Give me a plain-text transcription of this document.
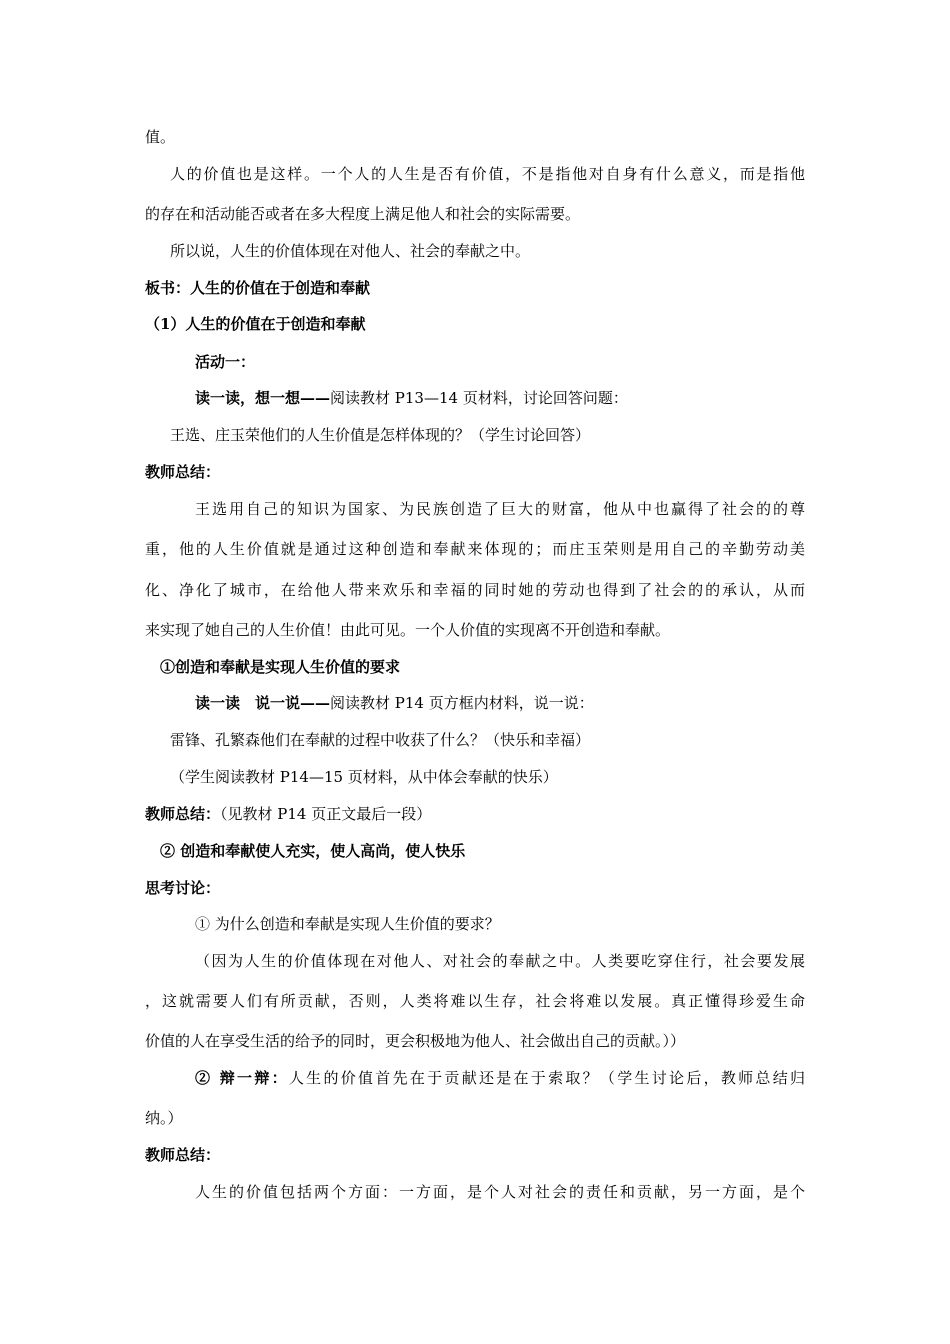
值。
人的价值也是这样。一个人的人生是否有价值，不是指他对自身有什么意义，而是指他
的存在和活动能否或者在多大程度上满足他人和社会的实际需要。
所以说，人生的价值体现在对他人、社会的奉献之中。
板书：人生的价值在于创造和奉献
（1）人生的价值在于创造和奉献
活动一：
读一读，想一想——阅读教材 P13—14 页材料，讨论回答问题：
王选、庄玉荣他们的人生价值是怎样体现的？（学生讨论回答）
教师总结：
王选用自己的知识为国家、为民族创造了巨大的财富，他从中也赢得了社会的的尊
重，他的人生价值就是通过这种创造和奉献来体现的；而庄玉荣则是用自己的辛勤劳动美
化、净化了城市，在给他人带来欢乐和幸福的同时她的劳动也得到了社会的的承认，从而
来实现了她自己的人生价值！由此可见。一个人价值的实现离不开创造和奉献。
①创造和奉献是实现人生价值的要求
读一读　说一说——阅读教材 P14 页方框内材料，说一说：
雷锋、孔繁森他们在奉献的过程中收获了什么？（快乐和幸福）
（学生阅读教材 P14—15 页材料，从中体会奉献的快乐）
教师总结：（见教材 P14 页正文最后一段）
② 创造和奉献使人充实，使人高尚，使人快乐
思考讨论：
① 为什么创造和奉献是实现人生价值的要求？
（因为人生的价值体现在对他人、对社会的奉献之中。人类要吃穿住行，社会要发展
，这就需要人们有所贡献，否则，人类将难以生存，社会将难以发展。真正懂得珍爱生命
价值的人在享受生活的给予的同时，更会积极地为他人、社会做出自己的贡献。））
② 辩一辩：人生的价值首先在于贡献还是在于索取？（学生讨论后，教师总结归
纳。）
教师总结：
人生的价值包括两个方面：一方面，是个人对社会的责任和贡献，另一方面，是个
